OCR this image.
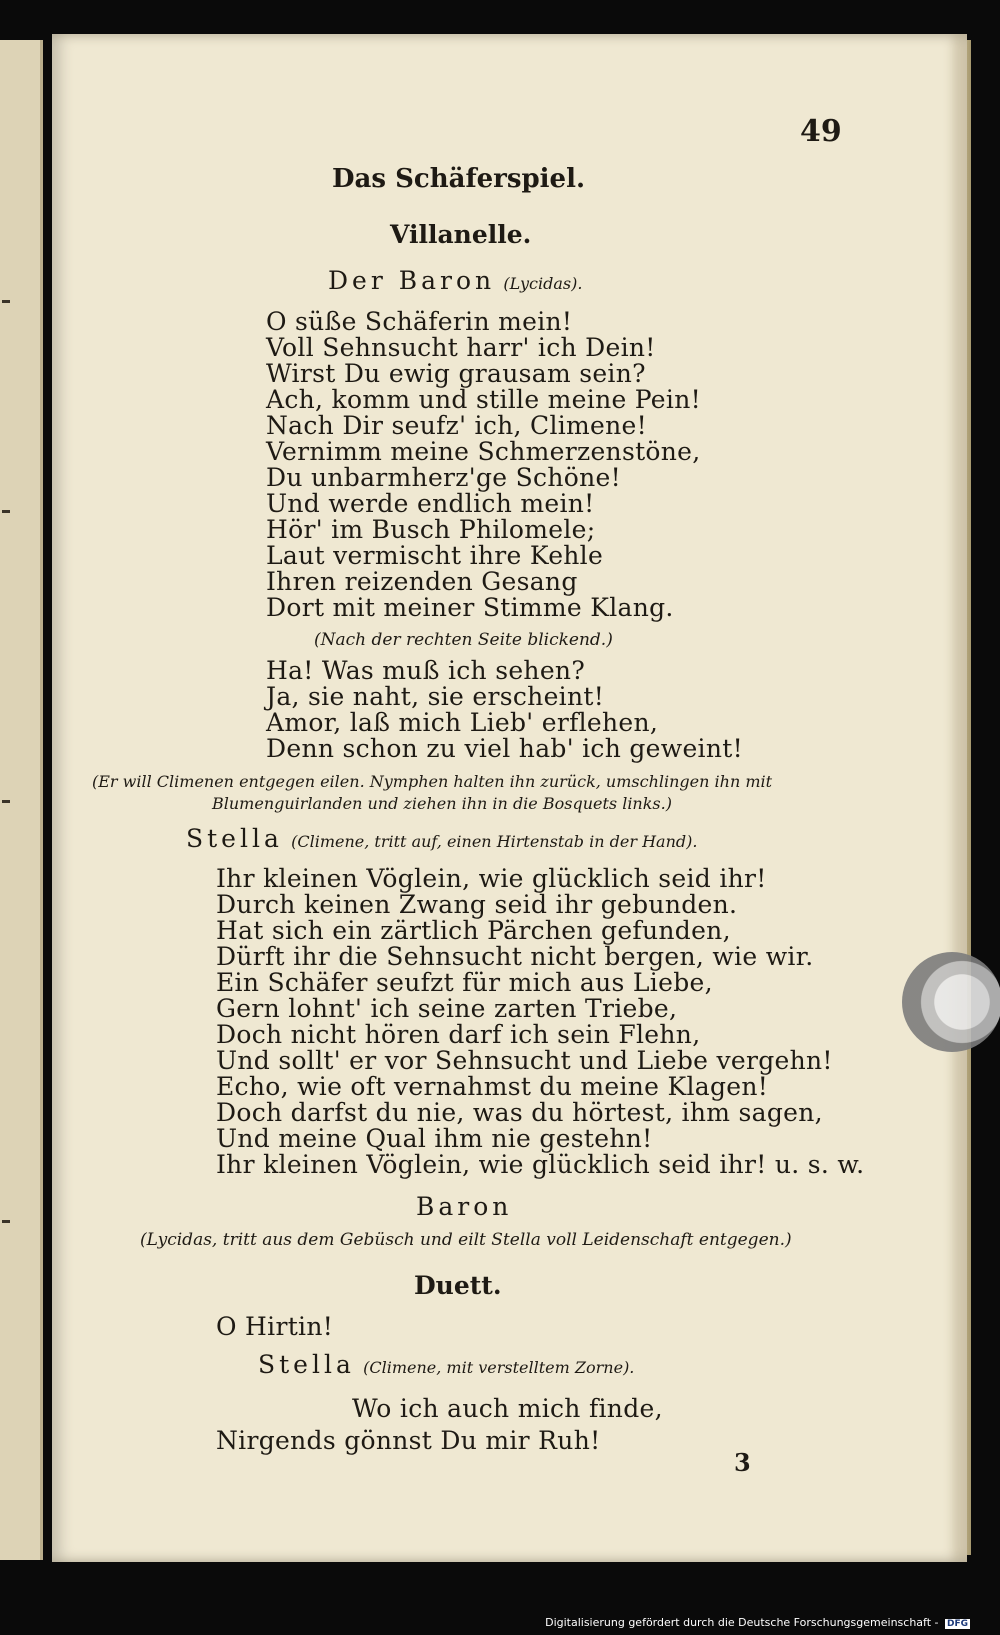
49
Das Schäferspiel.
Villanelle.
Der Baron (Lycidas).
O süße Schäferin mein!
Voll Sehnsucht harr' ich Dein!
Wirst Du ewig grausam sein?
Ach, komm und stille meine Pein!
Nach Dir seufz' ich, Climene!
Vernimm meine Schmerzenstöne,
Du unbarmherz'ge Schöne!
Und werde endlich mein!
Hör' im Busch Philomele;
Laut vermischt ihre Kehle
Ihren reizenden Gesang
Dort mit meiner Stimme Klang.
(Nach der rechten Seite blickend.)
Ha! Was muß ich sehen?
Ja, sie naht, sie erscheint!
Amor, laß mich Lieb' erflehen,
Denn schon zu viel hab' ich geweint!
(Er will Climenen entgegen eilen. Nymphen halten ihn zurück, umschlingen ihn mit
Blumenguirlanden und ziehen ihn in die Bosquets links.)
Stella (Climene, tritt auf, einen Hirtenstab in der Hand).
Ihr kleinen Vöglein, wie glücklich seid ihr!
Durch keinen Zwang seid ihr gebunden.
Hat sich ein zärtlich Pärchen gefunden,
Dürft ihr die Sehnsucht nicht bergen, wie wir.
Ein Schäfer seufzt für mich aus Liebe,
Gern lohnt' ich seine zarten Triebe,
Doch nicht hören darf ich sein Flehn,
Und sollt' er vor Sehnsucht und Liebe vergehn!
Echo, wie oft vernahmst du meine Klagen!
Doch darfst du nie, was du hörtest, ihm sagen,
Und meine Qual ihm nie gestehn!
Ihr kleinen Vöglein, wie glücklich seid ihr! u. s. w.
Baron
(Lycidas, tritt aus dem Gebüsch und eilt Stella voll Leidenschaft entgegen.)
Duett.
O Hirtin!
Stella (Climene, mit verstelltem Zorne).
Wo ich auch mich finde,
Nirgends gönnst Du mir Ruh!
3
Digitalisierung gefördert durch die Deutsche Forschungsgemeinschaft - DFG
